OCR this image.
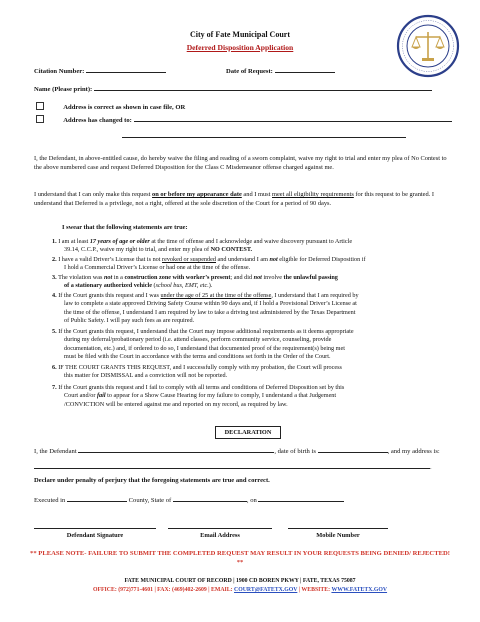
City of Fate Municipal Court
Deferred Disposition Application
Citation Number:	Date of Request:
Name (Please print):
Address is correct as shown in case file, OR
Address has changed to:
I, the Defendant, in above-entitled cause, do hereby waive the filing and reading of a sworn complaint, waive my right to trial and enter my plea of No Contest to the above numbered case and request Deferred Disposition for the Class C Misdemeanor offense charged against me.
I understand that I can only make this request on or before my appearance date and I must meet all eligibility requirements for this request to be granted. I understand that Deferred is a privilege, not a right, offered at the sole discretion of the Court for a period of 90 days.
I swear that the following statements are true:
1. I am at least 17 years of age or older at the time of offense and I acknowledge and waive discovery pursuant to Article
39.14, C.C.P., waive my right to trial, and enter my plea of NO CONTEST.
2. I have a valid Driver’s License that is not revoked or suspended and understand I am not eligible for Deferred Disposition if
I hold a Commercial Driver’s License or had one at the time of the offense.
3. The violation was not in a construction zone with worker’s present; and did not involve the unlawful passing
of a stationary authorized vehicle (school bus, EMT, etc.).
4. If the Court grants this request and I was under the age of 25 at the time of the offense, I understand that I am required by
law to complete a state approved Driving Safety Course within 90 days and, if I hold a Provisional Driver’s License at
the time of the offense, I understand I am required by law to take a driving test administered by the Texas Department
of Public Safety. I will pay such fees as are required.
5. If the Court grants this request, I understand that the Court may impose additional requirements as it deems appropriate
during my deferral/probationary period (i.e. attend classes, perform community service, counseling, provide
documentation, etc.) and, if ordered to do so, I understand that documented proof of the requirement(s) being met
must be filed with the Court in accordance with the terms and conditions set forth in the Order of the Court.
6. IF THE COURT GRANTS THIS REQUEST, and I successfully comply with my probation, the Court will process
this matter for DISMISSAL and a conviction will not be reported.
7. If the Court grants this request and I fail to comply with all terms and conditions of Deferred Disposition set by this
Court and/or fail to appear for a Show Cause Hearing for my failure to comply, I understand a that Judgement
/CONVICTION will be entered against me and reported on my record, as required by law.
DECLARATION
I, the Defendant	, date of birth is	, and my address is:
.
Declare under penalty of perjury that the foregoing statements are true and correct.
Executed in	County, State of	, on
Defendant Signature	Email Address	Mobile Number
** PLEASE NOTE- FAILURE TO SUBMIT THE COMPLETED REQUEST MAY RESULT IN YOUR REQUESTS BEING DENIED/ REJECTED! **
FATE MUNICIPAL COURT OF RECORD | 1900 CD BOREN PKWY | FATE, TEXAS 75087
OFFICE: (972)771-4601 | FAX: (469)402-2609 | EMAIL: COURT@FATETX.GOV | WEBSITE: WWW.FATETX.GOV
